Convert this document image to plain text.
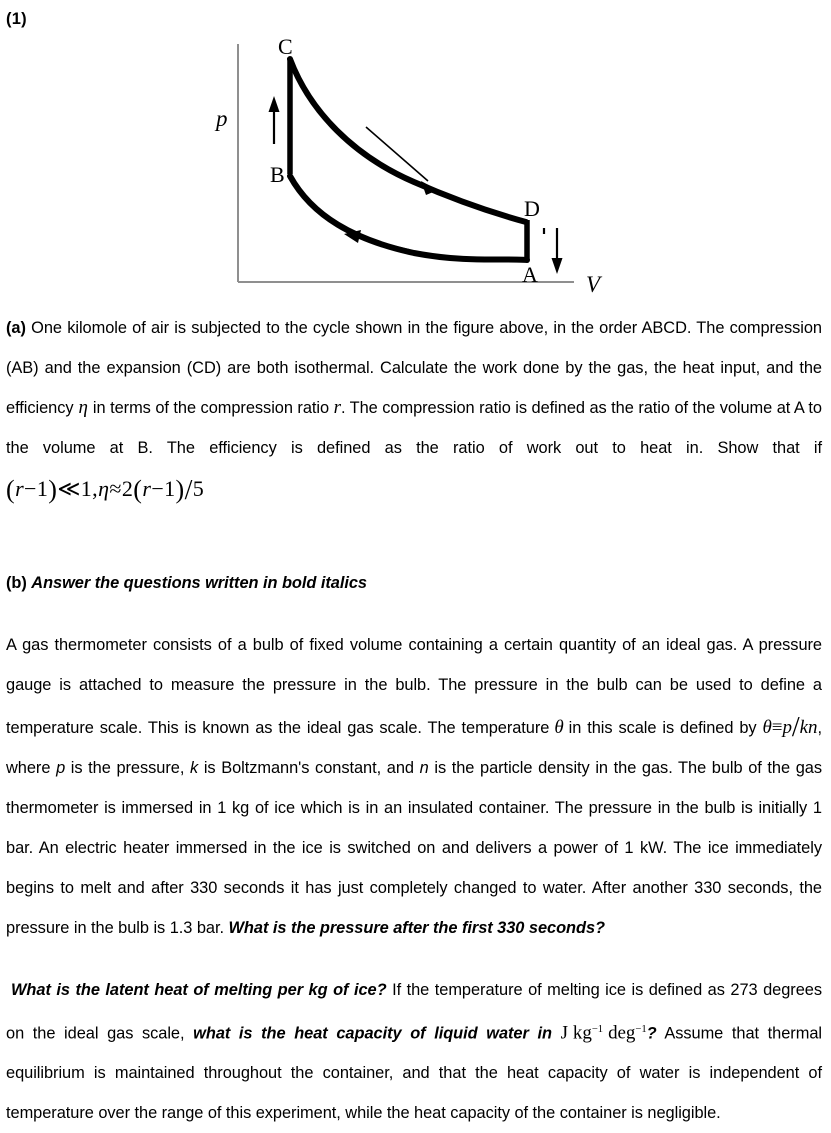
(1)
p
V
C
B
D
A

(a) One kilomole of air is subjected to the cycle shown in the figure above, in the order ABCD. The compression (AB) and the expansion (CD) are both isothermal. Calculate the work done by the gas, the heat input, and the efficiency η in terms of the compression ratio r. The compression ratio is defined as the ratio of the volume at A to the volume at B. The efficiency is defined as the ratio of work out to heat in. Show that if (r−1)≪1,η≈2(r−1)/5

(b) Answer the questions written in bold italics

A gas thermometer consists of a bulb of fixed volume containing a certain quantity of an ideal gas. A pressure gauge is attached to measure the pressure in the bulb. The pressure in the bulb can be used to define a temperature scale. This is known as the ideal gas scale. The temperature θ in this scale is defined by θ≡p/kn, where p is the pressure, k is Boltzmann's constant, and n is the particle density in the gas. The bulb of the gas thermometer is immersed in 1 kg of ice which is in an insulated container. The pressure in the bulb is initially 1 bar. An electric heater immersed in the ice is switched on and delivers a power of 1 kW. The ice immediately begins to melt and after 330 seconds it has just completely changed to water. After another 330 seconds, the pressure in the bulb is 1.3 bar. What is the pressure after the first 330 seconds?

What is the latent heat of melting per kg of ice? If the temperature of melting ice is defined as 273 degrees on the ideal gas scale, what is the heat capacity of liquid water in J $kg^{-1}$ deg$^{-1}$? Assume that thermal equilibrium is maintained throughout the container, and that the heat capacity of water is independent of temperature over the range of this experiment, while the heat capacity of the container is negligible.
